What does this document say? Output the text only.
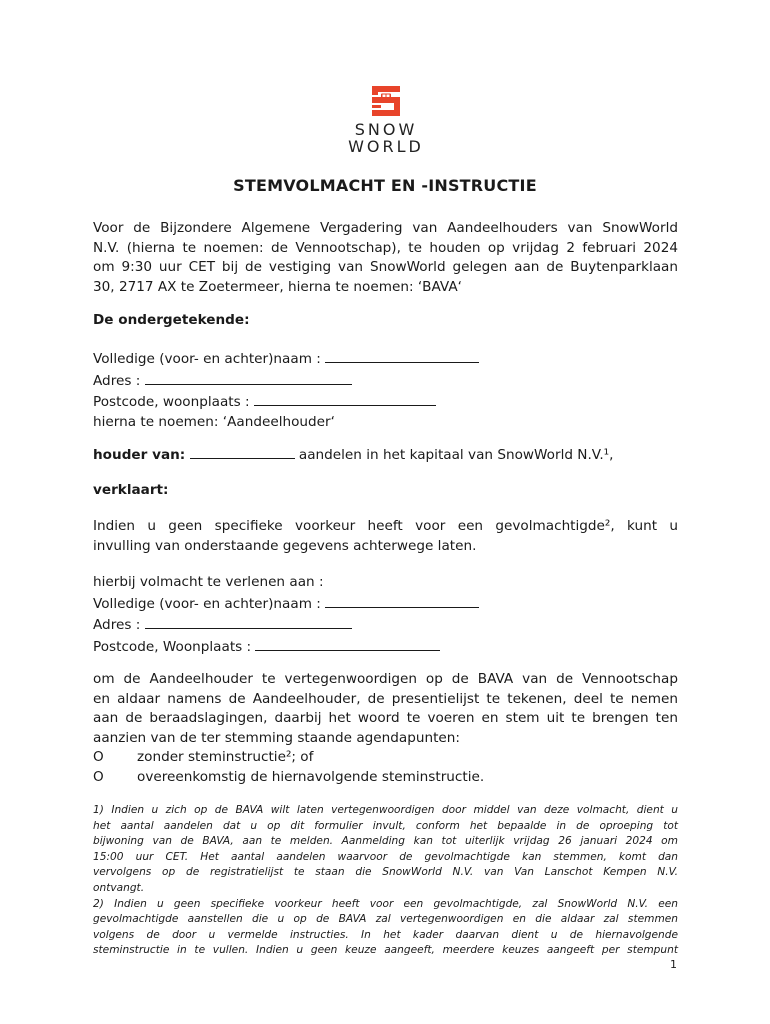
SNOW
WORLD
STEMVOLMACHT EN -INSTRUCTIE
Voor de Bijzondere Algemene Vergadering van Aandeelhouders van SnowWorld
N.V. (hierna te noemen: de Vennootschap), te houden op vrijdag 2 februari 2024
om 9:30 uur CET bij de vestiging van SnowWorld gelegen aan de Buytenparklaan
30, 2717 AX te Zoetermeer, hierna te noemen: ‘BAVA‘
De ondergetekende:
Volledige (voor- en achter)naam :
Adres :
Postcode, woonplaats :
hierna te noemen: ‘Aandeelhouder‘
houder van:	aandelen in het kapitaal van SnowWorld N.V.¹,
verklaart:
Indien u geen specifieke voorkeur heeft voor een gevolmachtigde², kunt u
invulling van onderstaande gegevens achterwege laten.
hierbij volmacht te verlenen aan :
Volledige (voor- en achter)naam :
Adres :
Postcode, Woonplaats :
om de Aandeelhouder te vertegenwoordigen op de BAVA van de Vennootschap
en aldaar namens de Aandeelhouder, de presentielijst te tekenen, deel te nemen
aan de beraadslagingen, daarbij het woord te voeren en stem uit te brengen ten
aanzien van de ter stemming staande agendapunten:
O	zonder steminstructie²; of
O	overeenkomstig de hiernavolgende steminstructie.
1) Indien u zich op de BAVA wilt laten vertegenwoordigen door middel van deze volmacht, dient u
het aantal aandelen dat u op dit formulier invult, conform het bepaalde in de oproeping tot
bijwoning van de BAVA, aan te melden. Aanmelding kan tot uiterlijk vrijdag 26 januari 2024 om
15:00 uur CET. Het aantal aandelen waarvoor de gevolmachtigde kan stemmen, komt dan
vervolgens op de registratielijst te staan die SnowWorld N.V. van Van Lanschot Kempen N.V.
ontvangt.
2) Indien u geen specifieke voorkeur heeft voor een gevolmachtigde, zal SnowWorld N.V. een
gevolmachtigde aanstellen die u op de BAVA zal vertegenwoordigen en die aldaar zal stemmen
volgens de door u vermelde instructies. In het kader daarvan dient u de hiernavolgende
steminstructie in te vullen. Indien u geen keuze aangeeft, meerdere keuzes aangeeft per stempunt
1
